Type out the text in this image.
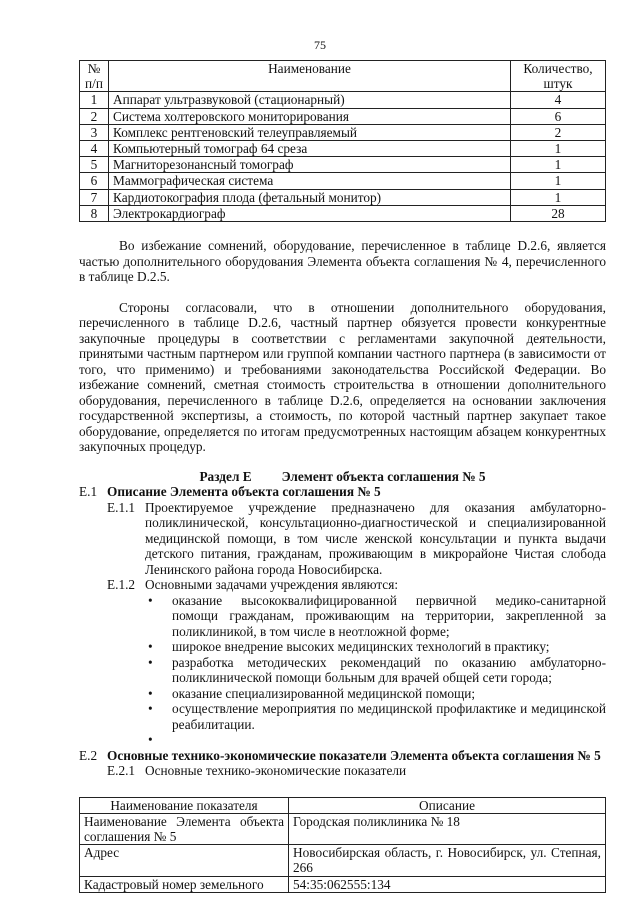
75
№ п/п	Наименование	Количество, штук
1	Аппарат ультразвуковой (стационарный)	4
2	Система холтеровского мониторирования	6
3	Комплекс рентгеновский телеуправляемый	2
4	Компьютерный томограф 64 среза	1
5	Магниторезонансный томограф	1
6	Маммографическая система	1
7	Кардиотокография плода (фетальный монитор)	1
8	Электрокардиограф	28
Во избежание сомнений, оборудование, перечисленное в таблице D.2.6, является частью дополнительного оборудования Элемента объекта соглашения № 4, перечисленного в таблице D.2.5.
Стороны согласовали, что в отношении дополнительного оборудования, перечисленного в таблице D.2.6, частный партнер обязуется провести конкурентные закупочные процедуры в соответствии с регламентами закупочной деятельности, принятыми частным партнером или группой компании частного партнера (в зависимости от того, что применимо) и требованиями законодательства Российской Федерации. Во избежание сомнений, сметная стоимость строительства в отношении дополнительного оборудования, перечисленного в таблице D.2.6, определяется на основании заключения государственной экспертизы, а стоимость, по которой частный партнер закупает такое оборудование, определяется по итогам предусмотренных настоящим абзацем конкурентных закупочных процедур.
Раздел E Элемент объекта соглашения № 5
E.1 Описание Элемента объекта соглашения № 5
E.1.1 Проектируемое учреждение предназначено для оказания амбулаторно-поликлинической, консультационно-диагностической и специализированной медицинской помощи, в том числе женской консультации и пункта выдачи детского питания, гражданам, проживающим в микрорайоне Чистая слобода Ленинского района города Новосибирска.
E.1.2 Основными задачами учреждения являются:
•	оказание высококвалифицированной первичной медико-санитарной помощи гражданам, проживающим на территории, закрепленной за поликлиникой, в том числе в неотложной форме;
•	широкое внедрение высоких медицинских технологий в практику;
•	разработка методических рекомендаций по оказанию амбулаторно-поликлинической помощи больным для врачей общей сети города;
•	оказание специализированной медицинской помощи;
•	осуществление мероприятия по медицинской профилактике и медицинской реабилитации.
•
E.2 Основные технико-экономические показатели Элемента объекта соглашения № 5
E.2.1 Основные технико-экономические показатели
Наименование показателя	Описание
Наименование Элемента объекта соглашения № 5	Городская поликлиника № 18
Адрес	Новосибирская область, г. Новосибирск, ул. Степная, 266
Кадастровый номер земельного	54:35:062555:134
